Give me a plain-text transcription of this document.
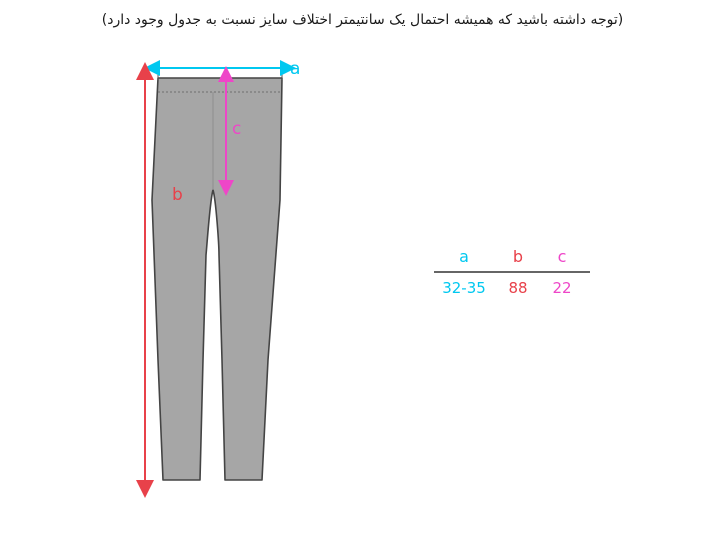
(توجه داشته باشید که همیشه احتمال یک سانتیمتر اختلاف سایز نسبت به جدول وجود دارد)
a
b
c
a	b c
32-35 88 22
